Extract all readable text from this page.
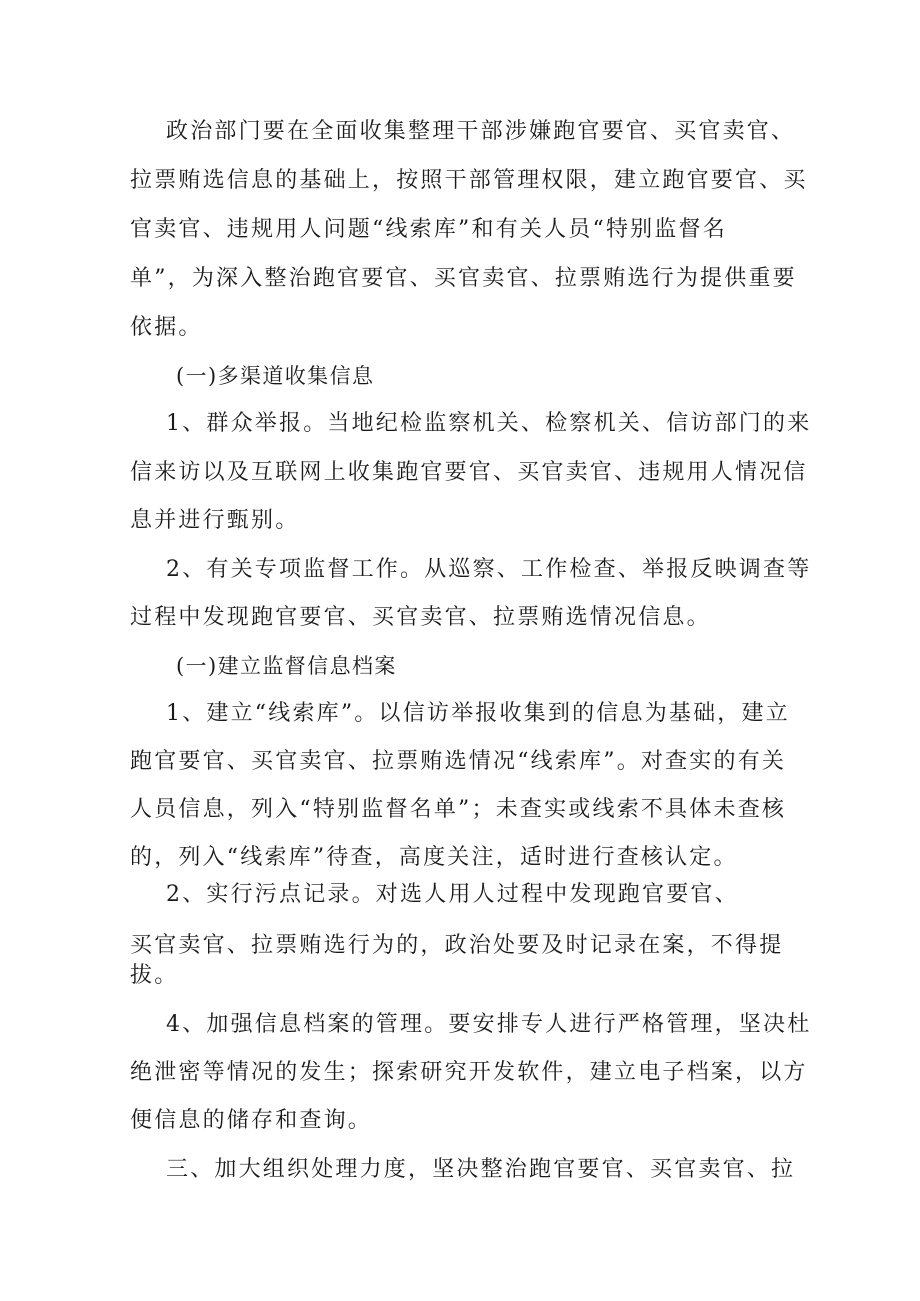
政治部门要在全面收集整理干部涉嫌跑官要官、买官卖官、
拉票贿选信息的基础上，按照干部管理权限，建立跑官要官、买
官卖官、违规用人问题“线索库”和有关人员“特别监督名
单”，为深入整治跑官要官、买官卖官、拉票贿选行为提供重要
依据。
(一)多渠道收集信息
1、群众举报。当地纪检监察机关、检察机关、信访部门的来
信来访以及互联网上收集跑官要官、买官卖官、违规用人情况信
息并进行甄别。
2、有关专项监督工作。从巡察、工作检查、举报反映调查等
过程中发现跑官要官、买官卖官、拉票贿选情况信息。
(一)建立监督信息档案
1、建立“线索库”。以信访举报收集到的信息为基础，建立
跑官要官、买官卖官、拉票贿选情况“线索库”。对查实的有关
人员信息，列入“特别监督名单”；未查实或线索不具体未查核
的，列入“线索库”待查，高度关注，适时进行查核认定。
2、实行污点记录。对选人用人过程中发现跑官要官、
买官卖官、拉票贿选行为的，政治处要及时记录在案，不得提
拔。
4、加强信息档案的管理。要安排专人进行严格管理，坚决杜
绝泄密等情况的发生；探索研究开发软件，建立电子档案，以方
便信息的储存和查询。
三、加大组织处理力度，坚决整治跑官要官、买官卖官、拉
